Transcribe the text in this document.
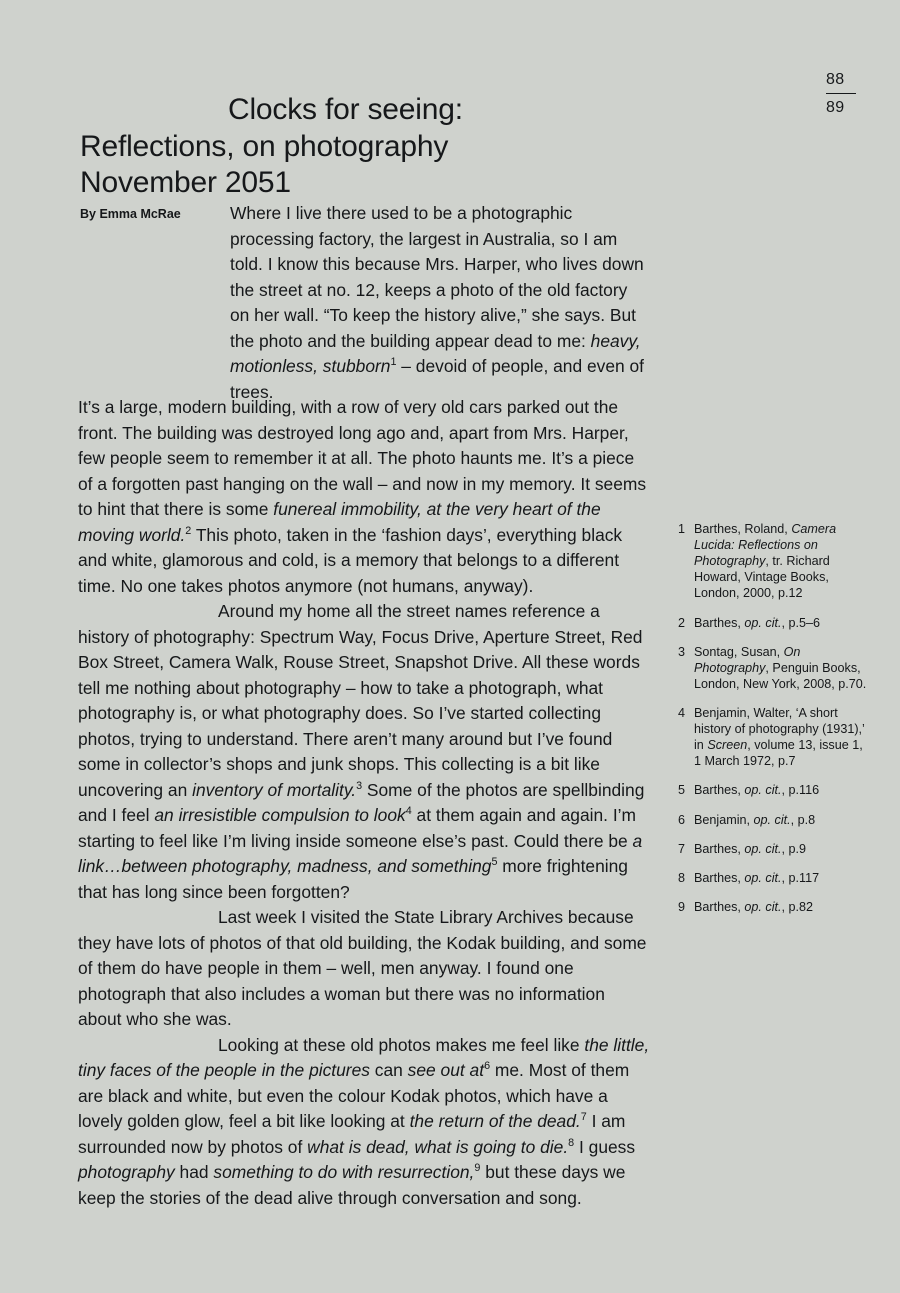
88
89
Clocks for seeing:
Reflections, on photography
November 2051
By Emma McRae	Where I live there used to be a photographic processing factory, the largest in Australia, so I am told. I know this because Mrs. Harper, who lives down the street at no. 12, keeps a photo of the old factory on her wall. “To keep the history alive,” she says. But the photo and the building appear dead to me: heavy, motionless, stubborn$^1$ – devoid of people, and even of trees.

It’s a large, modern building, with a row of very old cars parked out the front. The building was destroyed long ago and, apart from Mrs. Harper, few people seem to remember it at all. The photo haunts me. It’s a piece of a forgotten past hanging on the wall – and now in my memory. It seems to hint that there is some funereal immobility, at the very heart of the moving world.$^2$ This photo, taken in the ‘fashion days’, everything black and white, glamorous and cold, is a memory that belongs to a different time. No one takes photos anymore (not humans, anyway).

Around my home all the street names reference a history of photography: Spectrum Way, Focus Drive, Aperture Street, Red Box Street, Camera Walk, Rouse Street, Snapshot Drive. All these words tell me nothing about photography – how to take a photograph, what photography is, or what photography does. So I’ve started collecting photos, trying to understand. There aren’t many around but I’ve found some in collector’s shops and junk shops. This collecting is a bit like uncovering an inventory of mortality.$^3$ Some of the photos are spellbinding and I feel an irresistible compulsion to look$^4$ at them again and again. I’m starting to feel like I’m living inside someone else’s past. Could there be a link…between photography, madness, and something$^5$ more frightening that has long since been forgotten?

Last week I visited the State Library Archives because they have lots of photos of that old building, the Kodak building, and some of them do have people in them – well, men anyway. I found one photograph that also includes a woman but there was no information about who she was.

Looking at these old photos makes me feel like the little, tiny faces of the people in the pictures can see out $at^6$ me. Most of them are black and white, but even the colour Kodak photos, which have a lovely golden glow, feel a bit like looking at the return of the dead.$^7$ I am surrounded now by photos of what is dead, what is going to die.$^8$ I guess photography had something to do with resurrection,$^9$ but these days we keep the stories of the dead alive through conversation and song.

1 Barthes, Roland, Camera Lucida: Reflections on Photography, tr. Richard Howard, Vintage Books, London, 2000, p.12
2 Barthes, op. cit., p.5–6
3 Sontag, Susan, On Photography, Penguin Books, London, New York, 2008, p.70.
4 Benjamin, Walter, ‘A short history of photography (1931),’ in Screen, volume 13, issue 1, 1 March 1972, p.7
5 Barthes, op. cit., p.116
6 Benjamin, op. cit., p.8
7 Barthes, op. cit., p.9
8 Barthes, op. cit., p.117
9 Barthes, op. cit., p.82
